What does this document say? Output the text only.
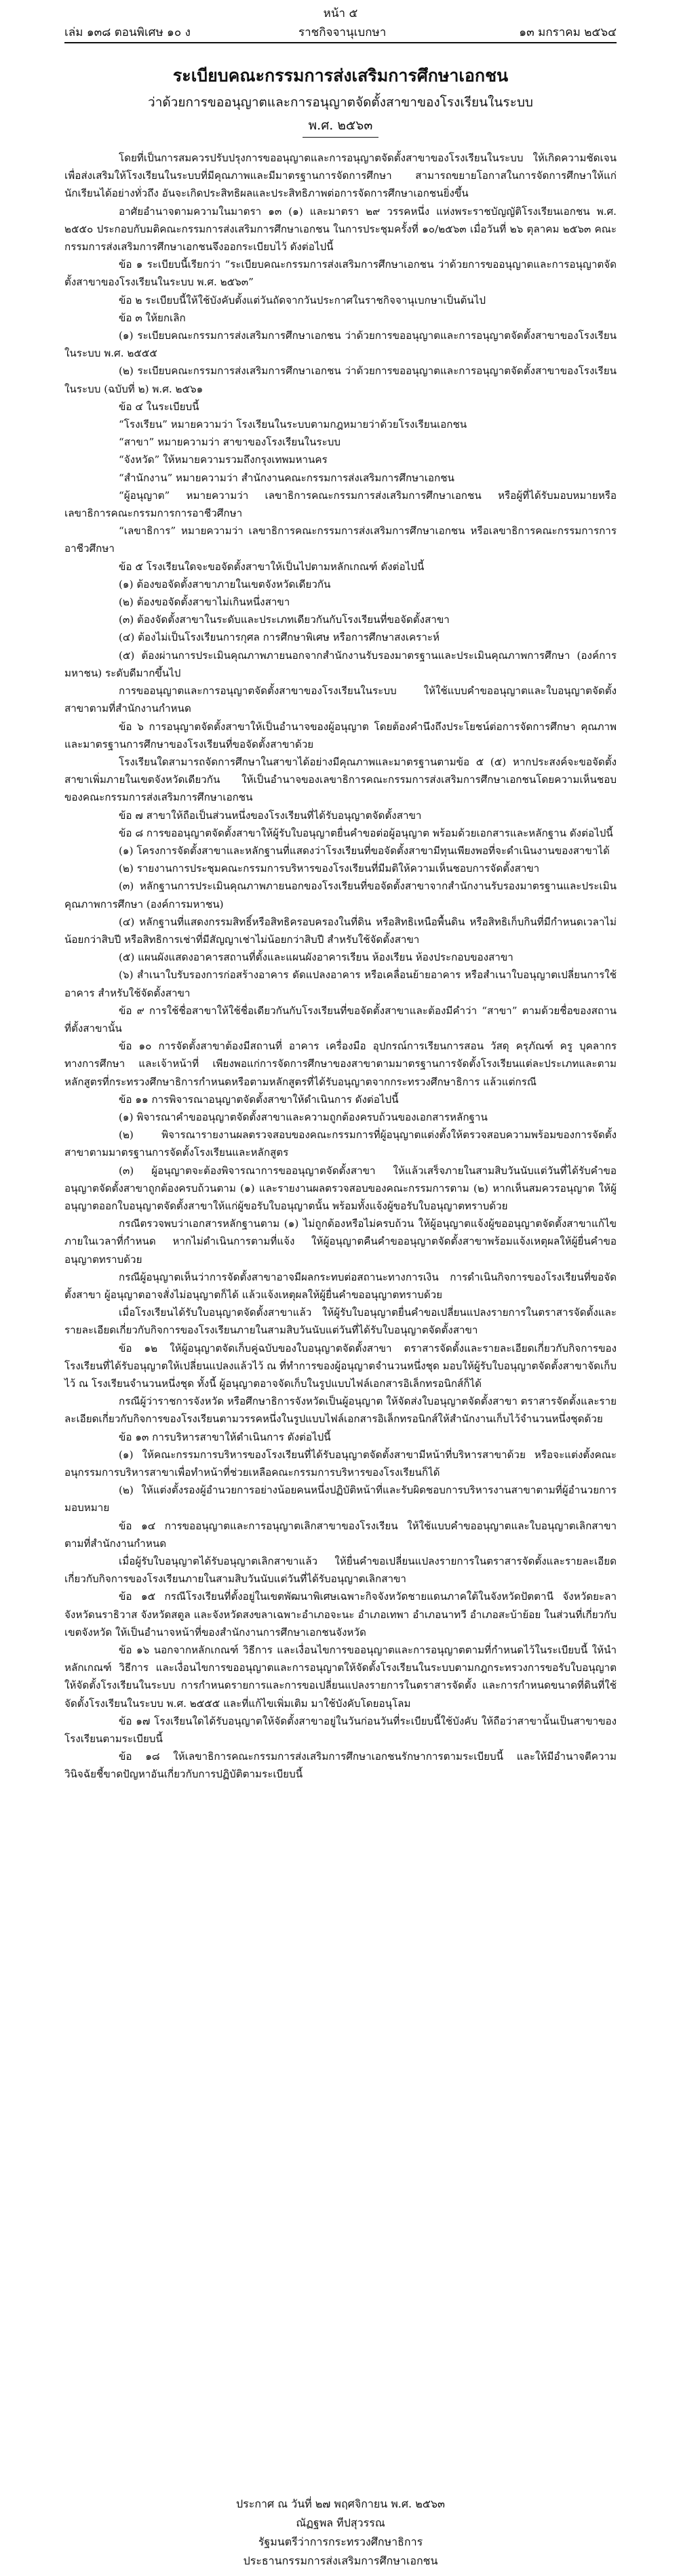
หน้า ๕
เล่ม ๑๓๘ ตอนพิเศษ ๑๐ ง	ราชกิจจานุเบกษา	๑๓ มกราคม ๒๕๖๔
ระเบียบคณะกรรมการส่งเสริมการศึกษาเอกชน
ว่าด้วยการขออนุญาตและการอนุญาตจัดตั้งสาขาของโรงเรียนในระบบ
พ.ศ. ๒๕๖๓

โดยที่เป็นการสมควรปรับปรุงการขออนุญาตและการอนุญาตจัดตั้งสาขาของโรงเรียนในระบบ ให้เกิดความชัดเจน เพื่อส่งเสริมให้โรงเรียนในระบบที่มีคุณภาพและมีมาตรฐานการจัดการศึกษา สามารถขยายโอกาสในการจัดการศึกษาให้แก่นักเรียนได้อย่างทั่วถึง อันจะเกิดประสิทธิผลและประสิทธิภาพต่อการจัดการศึกษาเอกชนยิ่งขึ้น

อาศัยอำนาจตามความในมาตรา ๑๓ (๑) และมาตรา ๒๙ วรรคหนึ่ง แห่งพระราชบัญญัติโรงเรียนเอกชน พ.ศ. ๒๕๕๐ ประกอบกับมติคณะกรรมการส่งเสริมการศึกษาเอกชน ในการประชุมครั้งที่ ๑๐/๒๕๖๓ เมื่อวันที่ ๒๖ ตุลาคม ๒๕๖๓ คณะกรรมการส่งเสริมการศึกษาเอกชนจึงออกระเบียบไว้ ดังต่อไปนี้

ข้อ ๑ ระเบียบนี้เรียกว่า “ระเบียบคณะกรรมการส่งเสริมการศึกษาเอกชน ว่าด้วยการขออนุญาตและการอนุญาตจัดตั้งสาขาของโรงเรียนในระบบ พ.ศ. ๒๕๖๓”

ข้อ ๒ ระเบียบนี้ให้ใช้บังคับตั้งแต่วันถัดจากวันประกาศในราชกิจจานุเบกษาเป็นต้นไป

ข้อ ๓ ให้ยกเลิก

(๑) ระเบียบคณะกรรมการส่งเสริมการศึกษาเอกชน ว่าด้วยการขออนุญาตและการอนุญาตจัดตั้งสาขาของโรงเรียนในระบบ พ.ศ. ๒๕๕๕

(๒) ระเบียบคณะกรรมการส่งเสริมการศึกษาเอกชน ว่าด้วยการขออนุญาตและการอนุญาตจัดตั้งสาขาของโรงเรียนในระบบ (ฉบับที่ ๒) พ.ศ. ๒๕๖๑

ข้อ ๔ ในระเบียบนี้

“โรงเรียน” หมายความว่า โรงเรียนในระบบตามกฎหมายว่าด้วยโรงเรียนเอกชน

“สาขา” หมายความว่า สาขาของโรงเรียนในระบบ

“จังหวัด” ให้หมายความรวมถึงกรุงเทพมหานคร

“สำนักงาน” หมายความว่า สำนักงานคณะกรรมการส่งเสริมการศึกษาเอกชน

“ผู้อนุญาต” หมายความว่า เลขาธิการคณะกรรมการส่งเสริมการศึกษาเอกชน หรือผู้ที่ได้รับมอบหมายหรือเลขาธิการคณะกรรมการการอาชีวศึกษา

“เลขาธิการ” หมายความว่า เลขาธิการคณะกรรมการส่งเสริมการศึกษาเอกชน หรือเลขาธิการคณะกรรมการการอาชีวศึกษา

ข้อ ๕ โรงเรียนใดจะขอจัดตั้งสาขาให้เป็นไปตามหลักเกณฑ์ ดังต่อไปนี้

(๑) ต้องขอจัดตั้งสาขาภายในเขตจังหวัดเดียวกัน

(๒) ต้องขอจัดตั้งสาขาไม่เกินหนึ่งสาขา

(๓) ต้องจัดตั้งสาขาในระดับและประเภทเดียวกันกับโรงเรียนที่ขอจัดตั้งสาขา

(๔) ต้องไม่เป็นโรงเรียนการกุศล การศึกษาพิเศษ หรือการศึกษาสงเคราะห์

(๕) ต้องผ่านการประเมินคุณภาพภายนอกจากสำนักงานรับรองมาตรฐานและประเมินคุณภาพการศึกษา (องค์การมหาชน) ระดับดีมากขึ้นไป

การขออนุญาตและการอนุญาตจัดตั้งสาขาของโรงเรียนในระบบ ให้ใช้แบบคำขออนุญาตและใบอนุญาตจัดตั้งสาขาตามที่สำนักงานกำหนด

ข้อ ๖ การอนุญาตจัดตั้งสาขาให้เป็นอำนาจของผู้อนุญาต โดยต้องคำนึงถึงประโยชน์ต่อการจัดการศึกษา คุณภาพและมาตรฐานการศึกษาของโรงเรียนที่ขอจัดตั้งสาขาด้วย

โรงเรียนใดสามารถจัดการศึกษาในสาขาได้อย่างมีคุณภาพและมาตรฐานตามข้อ ๕ (๕) หากประสงค์จะขอจัดตั้งสาขาเพิ่มภายในเขตจังหวัดเดียวกัน ให้เป็นอำนาจของเลขาธิการคณะกรรมการส่งเสริมการศึกษาเอกชนโดยความเห็นชอบของคณะกรรมการส่งเสริมการศึกษาเอกชน

ข้อ ๗ สาขาให้ถือเป็นส่วนหนึ่งของโรงเรียนที่ได้รับอนุญาตจัดตั้งสาขา

ข้อ ๘ การขออนุญาตจัดตั้งสาขาให้ผู้รับใบอนุญาตยื่นคำขอต่อผู้อนุญาต พร้อมด้วยเอกสารและหลักฐาน ดังต่อไปนี้

(๑) โครงการจัดตั้งสาขาและหลักฐานที่แสดงว่าโรงเรียนที่ขอจัดตั้งสาขามีทุนเพียงพอที่จะดำเนินงานของสาขาได้

(๒) รายงานการประชุมคณะกรรมการบริหารของโรงเรียนที่มีมติให้ความเห็นชอบการจัดตั้งสาขา

(๓) หลักฐานการประเมินคุณภาพภายนอกของโรงเรียนที่ขอจัดตั้งสาขาจากสำนักงานรับรองมาตรฐานและประเมินคุณภาพการศึกษา (องค์การมหาชน)

(๔) หลักฐานที่แสดงกรรมสิทธิ์หรือสิทธิครอบครองในที่ดิน หรือสิทธิเหนือพื้นดิน หรือสิทธิเก็บกินที่มีกำหนดเวลาไม่น้อยกว่าสิบปี หรือสิทธิการเช่าที่มีสัญญาเช่าไม่น้อยกว่าสิบปี สำหรับใช้จัดตั้งสาขา

(๕) แผนผังแสดงอาคารสถานที่ตั้งและแผนผังอาคารเรียน ห้องเรียน ห้องประกอบของสาขา

(๖) สำเนาใบรับรองการก่อสร้างอาคาร ดัดแปลงอาคาร หรือเคลื่อนย้ายอาคาร หรือสำเนาใบอนุญาตเปลี่ยนการใช้อาคาร สำหรับใช้จัดตั้งสาขา

ข้อ ๙ การใช้ชื่อสาขาให้ใช้ชื่อเดียวกันกับโรงเรียนที่ขอจัดตั้งสาขาและต้องมีคำว่า “สาขา” ตามด้วยชื่อของสถานที่ตั้งสาขานั้น

ข้อ ๑๐ การจัดตั้งสาขาต้องมีสถานที่ อาคาร เครื่องมือ อุปกรณ์การเรียนการสอน วัสดุ ครุภัณฑ์ ครู บุคลากรทางการศึกษา และเจ้าหน้าที่ เพียงพอแก่การจัดการศึกษาของสาขาตามมาตรฐานการจัดตั้งโรงเรียนแต่ละประเภทและตามหลักสูตรที่กระทรวงศึกษาธิการกำหนดหรือตามหลักสูตรที่ได้รับอนุญาตจากกระทรวงศึกษาธิการ แล้วแต่กรณี

ข้อ ๑๑ การพิจารณาอนุญาตจัดตั้งสาขาให้ดำเนินการ ดังต่อไปนี้

(๑) พิจารณาคำขออนุญาตจัดตั้งสาขาและความถูกต้องครบถ้วนของเอกสารหลักฐาน

(๒) พิจารณารายงานผลตรวจสอบของคณะกรรมการที่ผู้อนุญาตแต่งตั้งให้ตรวจสอบความพร้อมของการจัดตั้งสาขาตามมาตรฐานการจัดตั้งโรงเรียนและหลักสูตร

(๓) ผู้อนุญาตจะต้องพิจารณาการขออนุญาตจัดตั้งสาขา ให้แล้วเสร็จภายในสามสิบวันนับแต่วันที่ได้รับคำขออนุญาตจัดตั้งสาขาถูกต้องครบถ้วนตาม (๑) และรายงานผลตรวจสอบของคณะกรรมการตาม (๒) หากเห็นสมควรอนุญาต ให้ผู้อนุญาตออกใบอนุญาตจัดตั้งสาขาให้แก่ผู้ขอรับใบอนุญาตนั้น พร้อมทั้งแจ้งผู้ขอรับใบอนุญาตทราบด้วย

กรณีตรวจพบว่าเอกสารหลักฐานตาม (๑) ไม่ถูกต้องหรือไม่ครบถ้วน ให้ผู้อนุญาตแจ้งผู้ขออนุญาตจัดตั้งสาขาแก้ไขภายในเวลาที่กำหนด หากไม่ดำเนินการตามที่แจ้ง ให้ผู้อนุญาตคืนคำขออนุญาตจัดตั้งสาขาพร้อมแจ้งเหตุผลให้ผู้ยื่นคำขออนุญาตทราบด้วย

กรณีผู้อนุญาตเห็นว่าการจัดตั้งสาขาอาจมีผลกระทบต่อสถานะทางการเงิน การดำเนินกิจการของโรงเรียนที่ขอจัดตั้งสาขา ผู้อนุญาตอาจสั่งไม่อนุญาตก็ได้ แล้วแจ้งเหตุผลให้ผู้ยื่นคำขออนุญาตทราบด้วย

เมื่อโรงเรียนได้รับใบอนุญาตจัดตั้งสาขาแล้ว ให้ผู้รับใบอนุญาตยื่นคำขอเปลี่ยนแปลงรายการในตราสารจัดตั้งและรายละเอียดเกี่ยวกับกิจการของโรงเรียนภายในสามสิบวันนับแต่วันที่ได้รับใบอนุญาตจัดตั้งสาขา

ข้อ ๑๒ ให้ผู้อนุญาตจัดเก็บคู่ฉบับของใบอนุญาตจัดตั้งสาขา ตราสารจัดตั้งและรายละเอียดเกี่ยวกับกิจการของโรงเรียนที่ได้รับอนุญาตให้เปลี่ยนแปลงแล้วไว้ ณ ที่ทำการของผู้อนุญาตจำนวนหนึ่งชุด มอบให้ผู้รับใบอนุญาตจัดตั้งสาขาจัดเก็บไว้ ณ โรงเรียนจำนวนหนึ่งชุด ทั้งนี้ ผู้อนุญาตอาจจัดเก็บในรูปแบบไฟล์เอกสารอิเล็กทรอนิกส์ก็ได้

กรณีผู้ว่าราชการจังหวัด หรือศึกษาธิการจังหวัดเป็นผู้อนุญาต ให้จัดส่งใบอนุญาตจัดตั้งสาขา ตราสารจัดตั้งและรายละเอียดเกี่ยวกับกิจการของโรงเรียนตามวรรคหนึ่งในรูปแบบไฟล์เอกสารอิเล็กทรอนิกส์ให้สำนักงานเก็บไว้จำนวนหนึ่งชุดด้วย

ข้อ ๑๓ การบริหารสาขาให้ดำเนินการ ดังต่อไปนี้

(๑) ให้คณะกรรมการบริหารของโรงเรียนที่ได้รับอนุญาตจัดตั้งสาขามีหน้าที่บริหารสาขาด้วย หรือจะแต่งตั้งคณะอนุกรรมการบริหารสาขาเพื่อทำหน้าที่ช่วยเหลือคณะกรรมการบริหารของโรงเรียนก็ได้

(๒) ให้แต่งตั้งรองผู้อำนวยการอย่างน้อยคนหนึ่งปฏิบัติหน้าที่และรับผิดชอบการบริหารงานสาขาตามที่ผู้อำนวยการมอบหมาย

ข้อ ๑๔ การขออนุญาตและการอนุญาตเลิกสาขาของโรงเรียน ให้ใช้แบบคำขออนุญาตและใบอนุญาตเลิกสาขาตามที่สำนักงานกำหนด

เมื่อผู้รับใบอนุญาตได้รับอนุญาตเลิกสาขาแล้ว ให้ยื่นคำขอเปลี่ยนแปลงรายการในตราสารจัดตั้งและรายละเอียดเกี่ยวกับกิจการของโรงเรียนภายในสามสิบวันนับแต่วันที่ได้รับอนุญาตเลิกสาขา

ข้อ ๑๕ กรณีโรงเรียนที่ตั้งอยู่ในเขตพัฒนาพิเศษเฉพาะกิจจังหวัดชายแดนภาคใต้ในจังหวัดปัตตานี จังหวัดยะลา จังหวัดนราธิวาส จังหวัดสตูล และจังหวัดสงขลาเฉพาะอำเภอจะนะ อำเภอเทพา อำเภอนาทวี อำเภอสะบ้าย้อย ในส่วนที่เกี่ยวกับเขตจังหวัด ให้เป็นอำนาจหน้าที่ของสำนักงานการศึกษาเอกชนจังหวัด

ข้อ ๑๖ นอกจากหลักเกณฑ์ วิธีการ และเงื่อนไขการขออนุญาตและการอนุญาตตามที่กำหนดไว้ในระเบียบนี้ ให้นำหลักเกณฑ์ วิธีการ และเงื่อนไขการขออนุญาตและการอนุญาตให้จัดตั้งโรงเรียนในระบบตามกฎกระทรวงการขอรับใบอนุญาตให้จัดตั้งโรงเรียนในระบบ การกำหนดรายการและการขอเปลี่ยนแปลงรายการในตราสารจัดตั้ง และการกำหนดขนาดที่ดินที่ใช้จัดตั้งโรงเรียนในระบบ พ.ศ. ๒๕๕๕ และที่แก้ไขเพิ่มเติม มาใช้บังคับโดยอนุโลม

ข้อ ๑๗ โรงเรียนใดได้รับอนุญาตให้จัดตั้งสาขาอยู่ในวันก่อนวันที่ระเบียบนี้ใช้บังคับ ให้ถือว่าสาขานั้นเป็นสาขาของโรงเรียนตามระเบียบนี้

ข้อ ๑๘ ให้เลขาธิการคณะกรรมการส่งเสริมการศึกษาเอกชนรักษาการตามระเบียบนี้ และให้มีอำนาจตีความวินิจฉัยชี้ขาดปัญหาอันเกี่ยวกับการปฏิบัติตามระเบียบนี้

ประกาศ ณ วันที่ ๒๗ พฤศจิกายน พ.ศ. ๒๕๖๓
ณัฏฐพล ทีปสุวรรณ
รัฐมนตรีว่าการกระทรวงศึกษาธิการ
ประธานกรรมการส่งเสริมการศึกษาเอกชน
